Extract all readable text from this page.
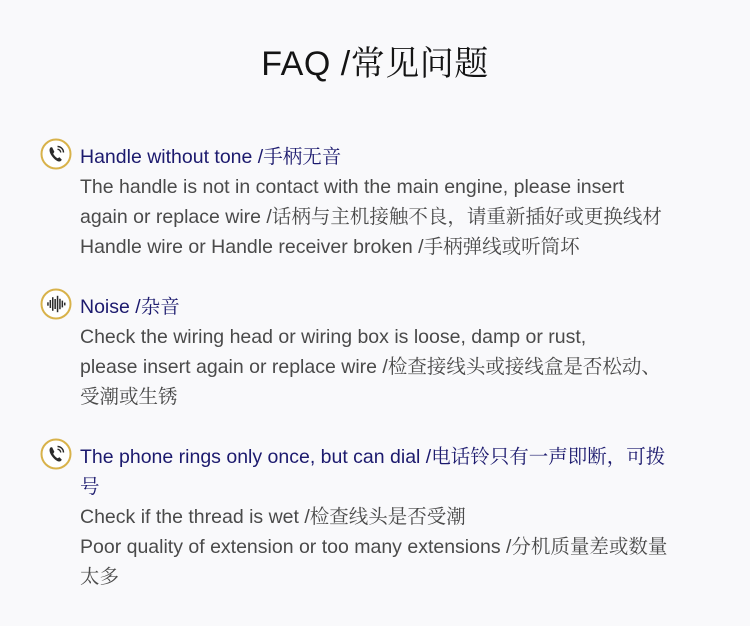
FAQ /常见问题
Handle without tone /手柄无音
The handle is not in contact with the main engine, please insert
again or replace wire /话柄与主机接触不良，请重新插好或更换线材
Handle wire or Handle receiver broken /手柄弹线或听筒坏
Noise /杂音
Check the wiring head or wiring box is loose, damp or rust,
please insert again or replace wire /检查接线头或接线盒是否松动、
受潮或生锈
The phone rings only once, but can dial /电话铃只有一声即断，可拨
号
Check if the thread is wet /检查线头是否受潮
Poor quality of extension or too many extensions /分机质量差或数量
太多
